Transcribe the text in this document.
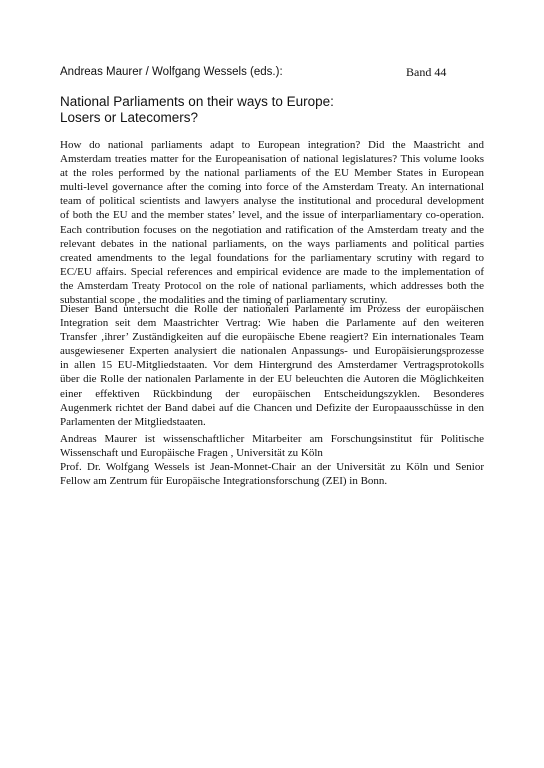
Andreas Maurer / Wolfgang Wessels (eds.):	Band 44
National Parliaments on their ways to Europe:
Losers or Latecomers?

How do national parliaments adapt to European integration? Did the Maastricht and
Amsterdam treaties matter for the Europeanisation of national legislatures? This volume looks
at the roles performed by the national parliaments of the EU Member States in European
multi-level governance after the coming into force of the Amsterdam Treaty. An international
team of political scientists and lawyers analyse the institutional and procedural development
of both the EU and the member states’ level, and the issue of interparliamentary co-operation.
Each contribution focuses on the negotiation and ratification of the Amsterdam treaty and the
relevant debates in the national parliaments, on the ways parliaments and political parties
created amendments to the legal foundations for the parliamentary scrutiny with regard to
EC/EU affairs. Special references and empirical evidence are made to the implementation of
the Amsterdam Treaty Protocol on the role of national parliaments, which addresses both the
substantial scope , the modalities and the timing of parliamentary scrutiny.

Dieser Band untersucht die Rolle der nationalen Parlamente im Prozess der europäischen
Integration seit dem Maastrichter Vertrag: Wie haben die Parlamente auf den weiteren
Transfer ‚ihrer’ Zuständigkeiten auf die europäische Ebene reagiert? Ein internationales Team
ausgewiesener Experten analysiert die nationalen Anpassungs- und Europäisierungsprozesse
in allen 15 EU-Mitgliedstaaten. Vor dem Hintergrund des Amsterdamer Vertragsprotokolls
über die Rolle der nationalen Parlamente in der EU beleuchten die Autoren die Möglichkeiten
einer effektiven Rückbindung der europäischen Entscheidungszyklen. Besonderes
Augenmerk richtet der Band dabei auf die Chancen und Defizite der Europaausschüsse in den
Parlamenten der Mitgliedstaaten.

Andreas Maurer ist wissenschaftlicher Mitarbeiter am Forschungsinstitut für Politische
Wissenschaft und Europäische Fragen , Universität zu Köln
Prof. Dr. Wolfgang Wessels ist Jean-Monnet-Chair an der Universität zu Köln und Senior
Fellow am Zentrum für Europäische Integrationsforschung (ZEI) in Bonn.
